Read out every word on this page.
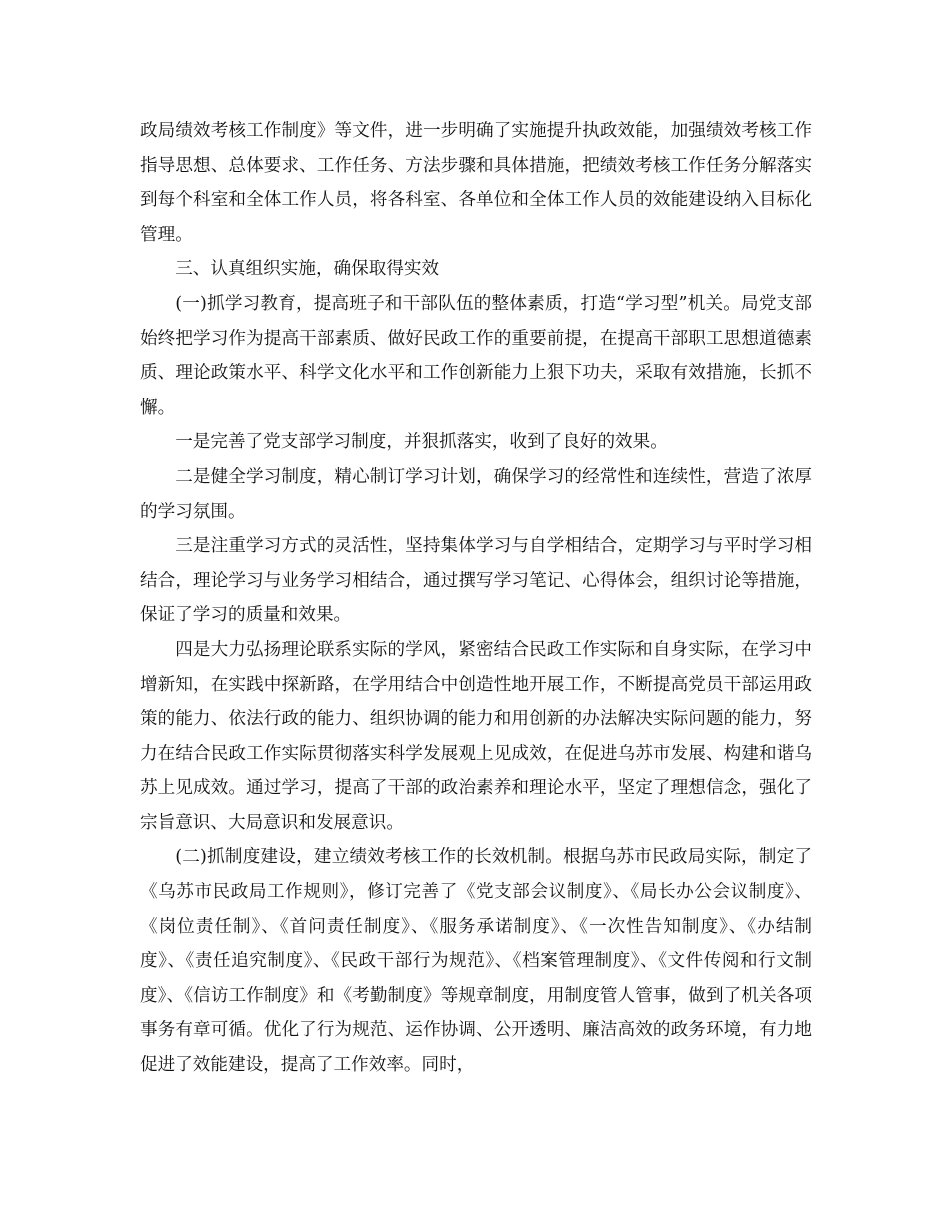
政局绩效考核工作制度》等文件，进一步明确了实施提升执政效能，加强绩效考核工作指导思想、总体要求、工作任务、方法步骤和具体措施，把绩效考核工作任务分解落实到每个科室和全体工作人员，将各科室、各单位和全体工作人员的效能建设纳入目标化管理。

三、认真组织实施，确保取得实效

(一)抓学习教育，提高班子和干部队伍的整体素质，打造“学习型”机关。局党支部始终把学习作为提高干部素质、做好民政工作的重要前提，在提高干部职工思想道德素质、理论政策水平、科学文化水平和工作创新能力上狠下功夫，采取有效措施，长抓不懈。

一是完善了党支部学习制度，并狠抓落实，收到了良好的效果。

二是健全学习制度，精心制订学习计划，确保学习的经常性和连续性，营造了浓厚的学习氛围。

三是注重学习方式的灵活性，坚持集体学习与自学相结合，定期学习与平时学习相结合，理论学习与业务学习相结合，通过撰写学习笔记、心得体会，组织讨论等措施，保证了学习的质量和效果。

四是大力弘扬理论联系实际的学风，紧密结合民政工作实际和自身实际，在学习中增新知，在实践中探新路，在学用结合中创造性地开展工作，不断提高党员干部运用政策的能力、依法行政的能力、组织协调的能力和用创新的办法解决实际问题的能力，努力在结合民政工作实际贯彻落实科学发展观上见成效，在促进乌苏市发展、构建和谐乌苏上见成效。通过学习，提高了干部的政治素养和理论水平，坚定了理想信念，强化了宗旨意识、大局意识和发展意识。

(二)抓制度建设，建立绩效考核工作的长效机制。根据乌苏市民政局实际，制定了《乌苏市民政局工作规则》，修订完善了《党支部会议制度》、《局长办公会议制度》、《岗位责任制》、《首问责任制度》、《服务承诺制度》、《一次性告知制度》、《办结制度》、《责任追究制度》、《民政干部行为规范》、《档案管理制度》、《文件传阅和行文制度》、《信访工作制度》和《考勤制度》等规章制度，用制度管人管事，做到了机关各项事务有章可循。优化了行为规范、运作协调、公开透明、廉洁高效的政务环境，有力地促进了效能建设，提高了工作效率。同时，
